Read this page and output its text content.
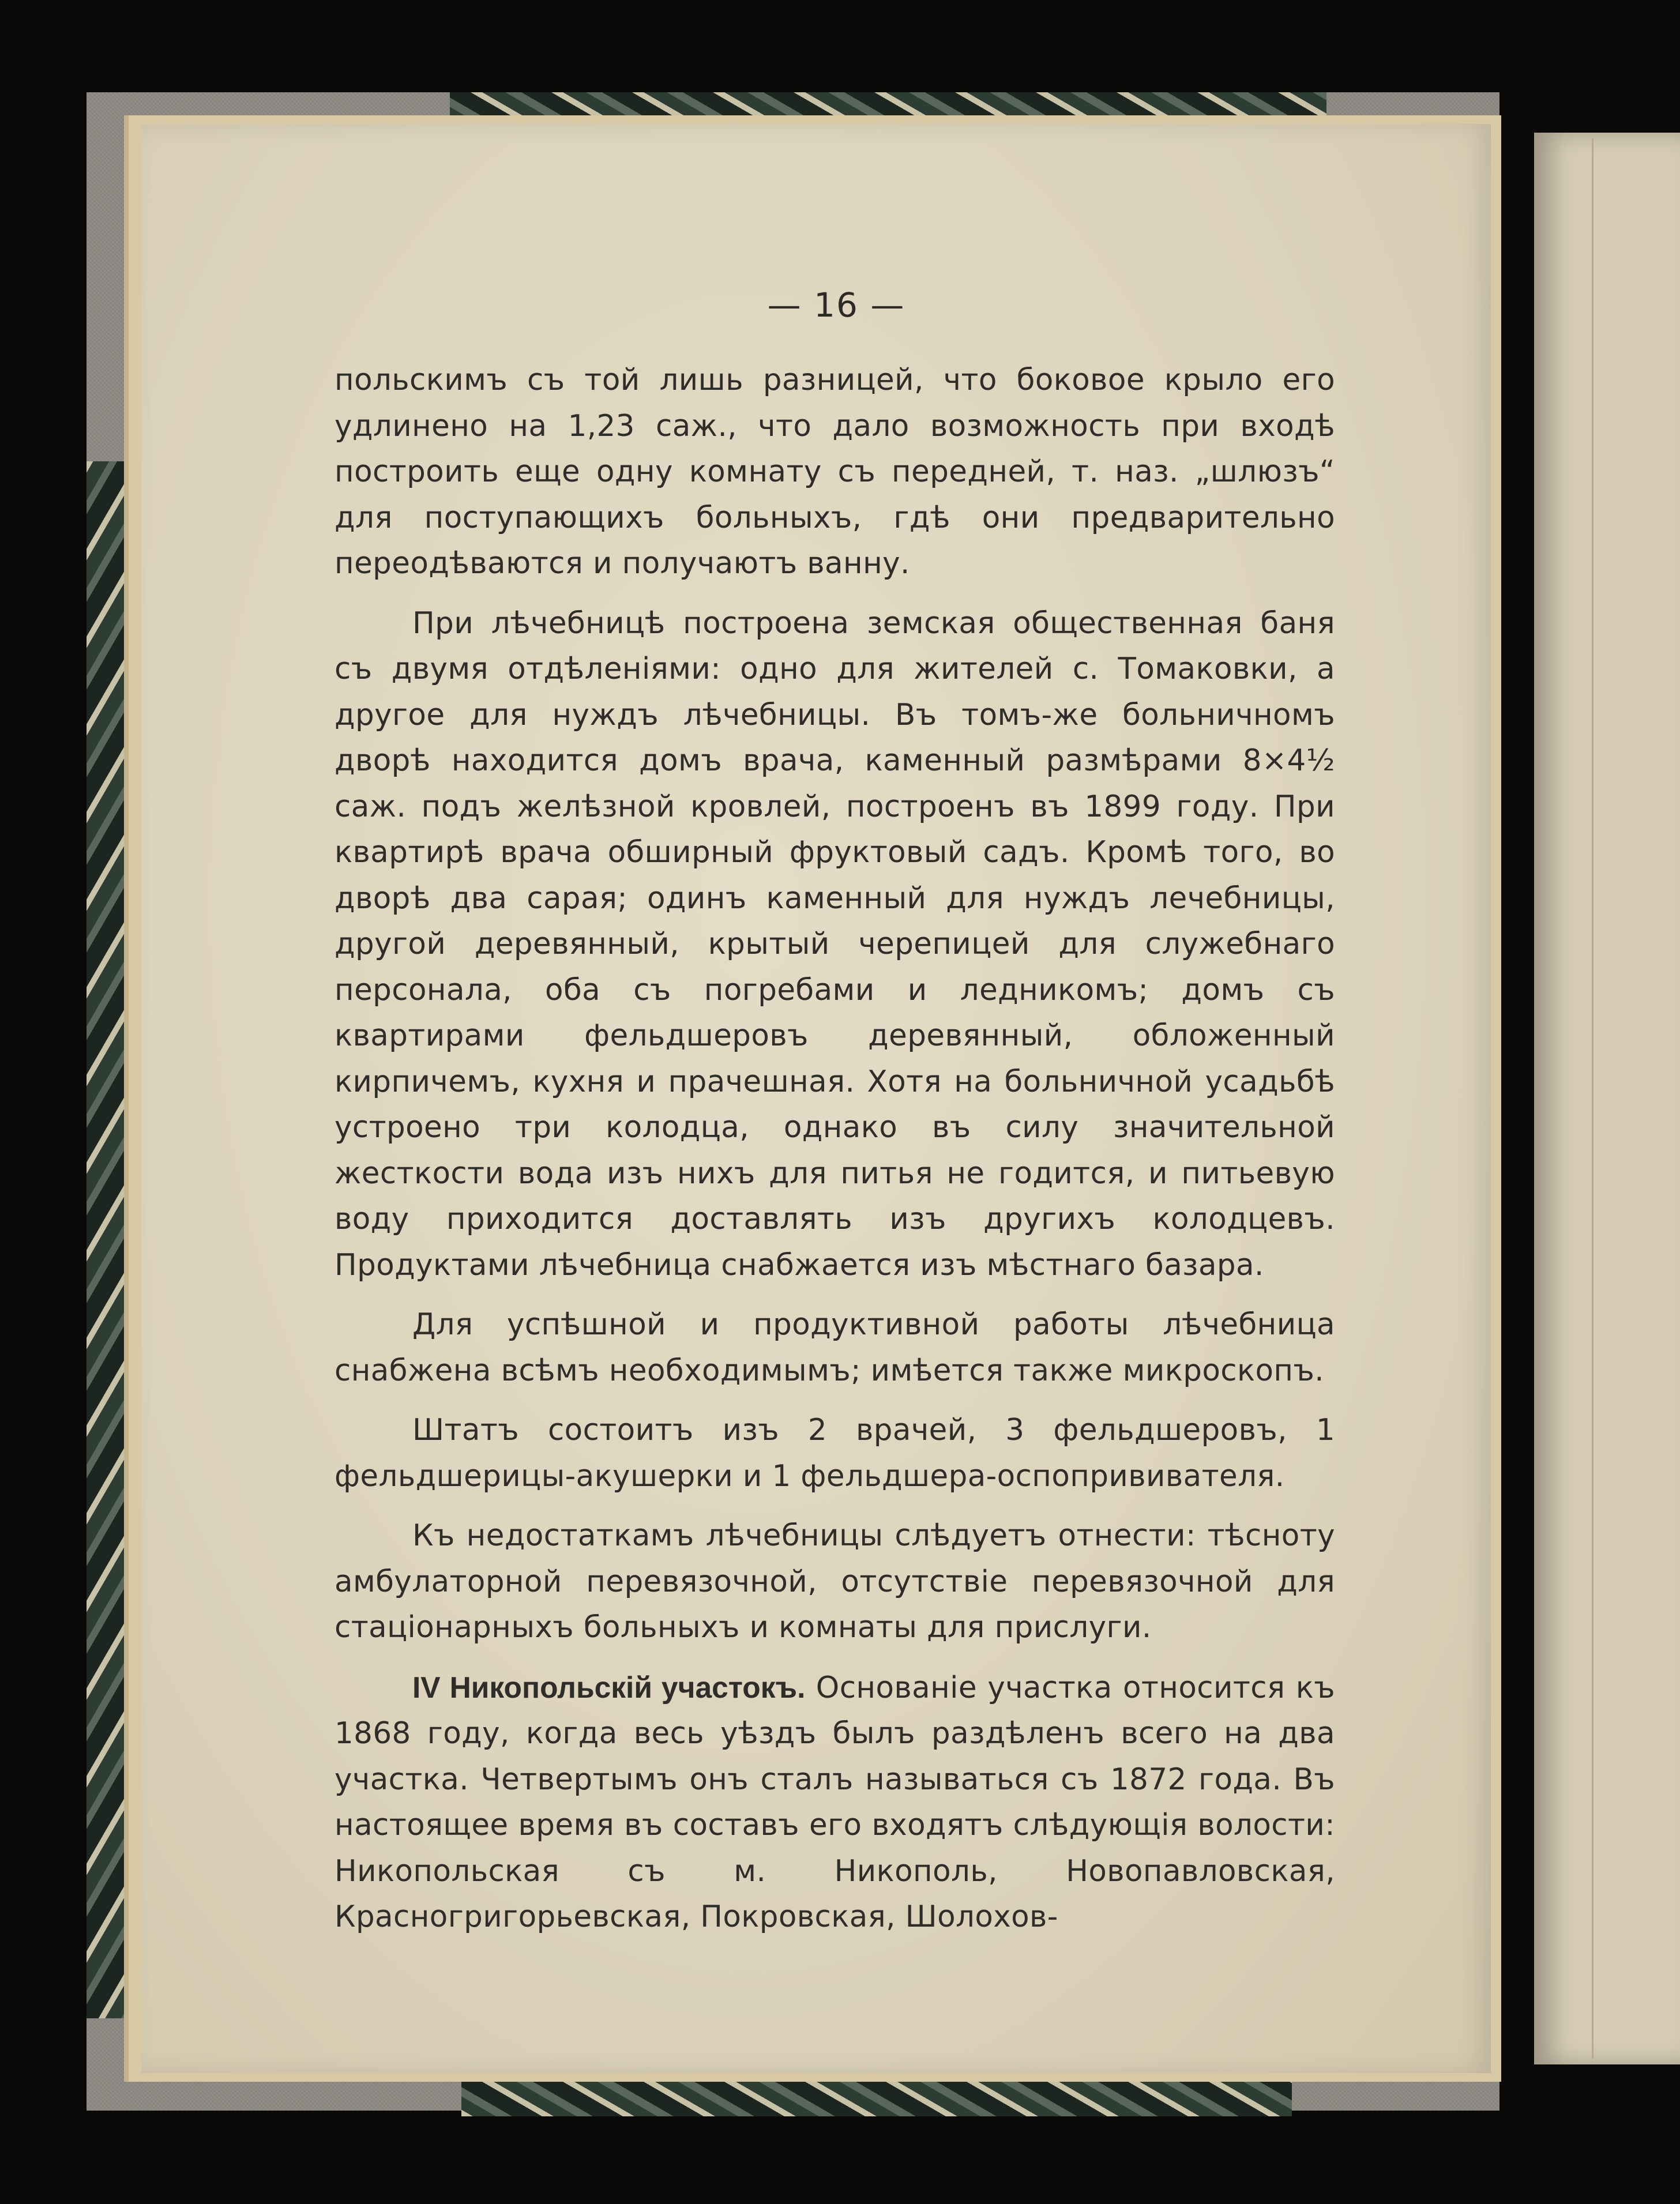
— 16 —

польскимъ съ той лишь разницей, что боковое крыло его удлинено на 1,23 саж., что дало возможность при входѣ построить еще одну комнату съ передней, т. наз. „шлюзъ“ для поступающихъ больныхъ, гдѣ они предварительно переодѣваются и получаютъ ванну.

При лѣчебницѣ построена земская общественная баня съ двумя отдѣленіями: одно для жителей с. Томаковки, а другое для нуждъ лѣчебницы. Въ томъ-же больничномъ дворѣ находится домъ врача, каменный размѣрами 8×4½ саж. подъ желѣзной кровлей, построенъ въ 1899 году. При квартирѣ врача обширный фруктовый садъ. Кромѣ того, во дворѣ два сарая; одинъ каменный для нуждъ лечебницы, другой деревянный, крытый черепицей для служебнаго персонала, оба съ погребами и ледникомъ; домъ съ квартирами фельдшеровъ деревянный, обложенный кирпичемъ, кухня и прачешная. Хотя на больничной усадьбѣ устроено три колодца, однако въ силу значительной жесткости вода изъ нихъ для питья не годится, и питьевую воду приходится доставлять изъ другихъ колодцевъ. Продуктами лѣчебница снабжается изъ мѣстнаго базара.

Для успѣшной и продуктивной работы лѣчебница снабжена всѣмъ необходимымъ; имѣется также микроскопъ.

Штатъ состоитъ изъ 2 врачей, 3 фельдшеровъ, 1 фельдшерицы-акушерки и 1 фельдшера-оспопрививателя.

Къ недостаткамъ лѣчебницы слѣдуетъ отнести: тѣсноту амбулаторной перевязочной, отсутствіе перевязочной для стаціонарныхъ больныхъ и комнаты для прислуги.

IV Никопольскій участокъ. Основаніе участка относится къ 1868 году, когда весь уѣздъ былъ раздѣленъ всего на два участка. Четвертымъ онъ сталъ называться съ 1872 года. Въ настоящее время въ составъ его входятъ слѣдующія волости: Никопольская съ м. Никополь, Новопавловская, Красногригорьевская, Покровская, Шолохов-
